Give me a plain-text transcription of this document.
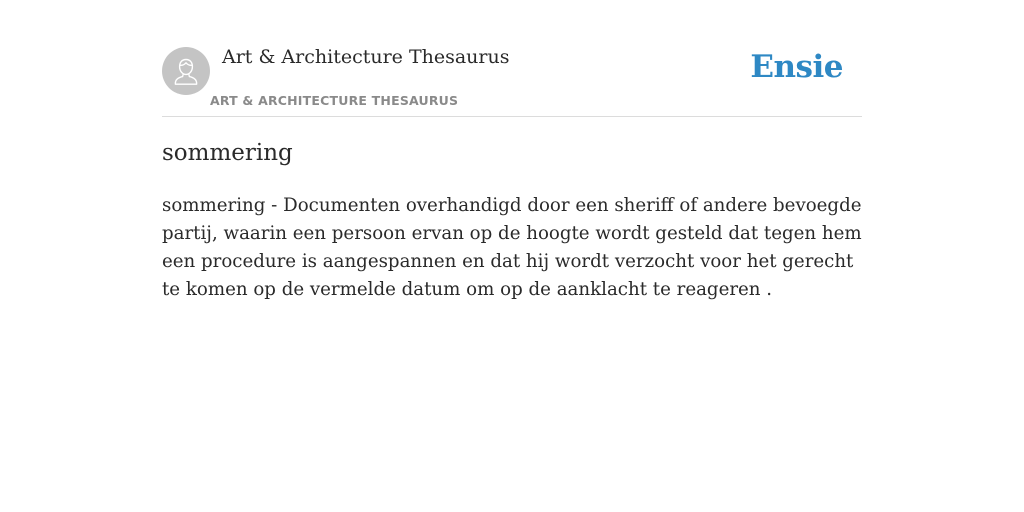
Art & Architecture Thesaurus
ART & ARCHITECTURE THESAURUS
Ensie
sommering

sommering - Documenten overhandigd door een sheriff of andere bevoegde partij, waarin een persoon ervan op de hoogte wordt gesteld dat tegen hem een procedure is aangespannen en dat hij wordt verzocht voor het gerecht te komen op de vermelde datum om op de aanklacht te reageren .
